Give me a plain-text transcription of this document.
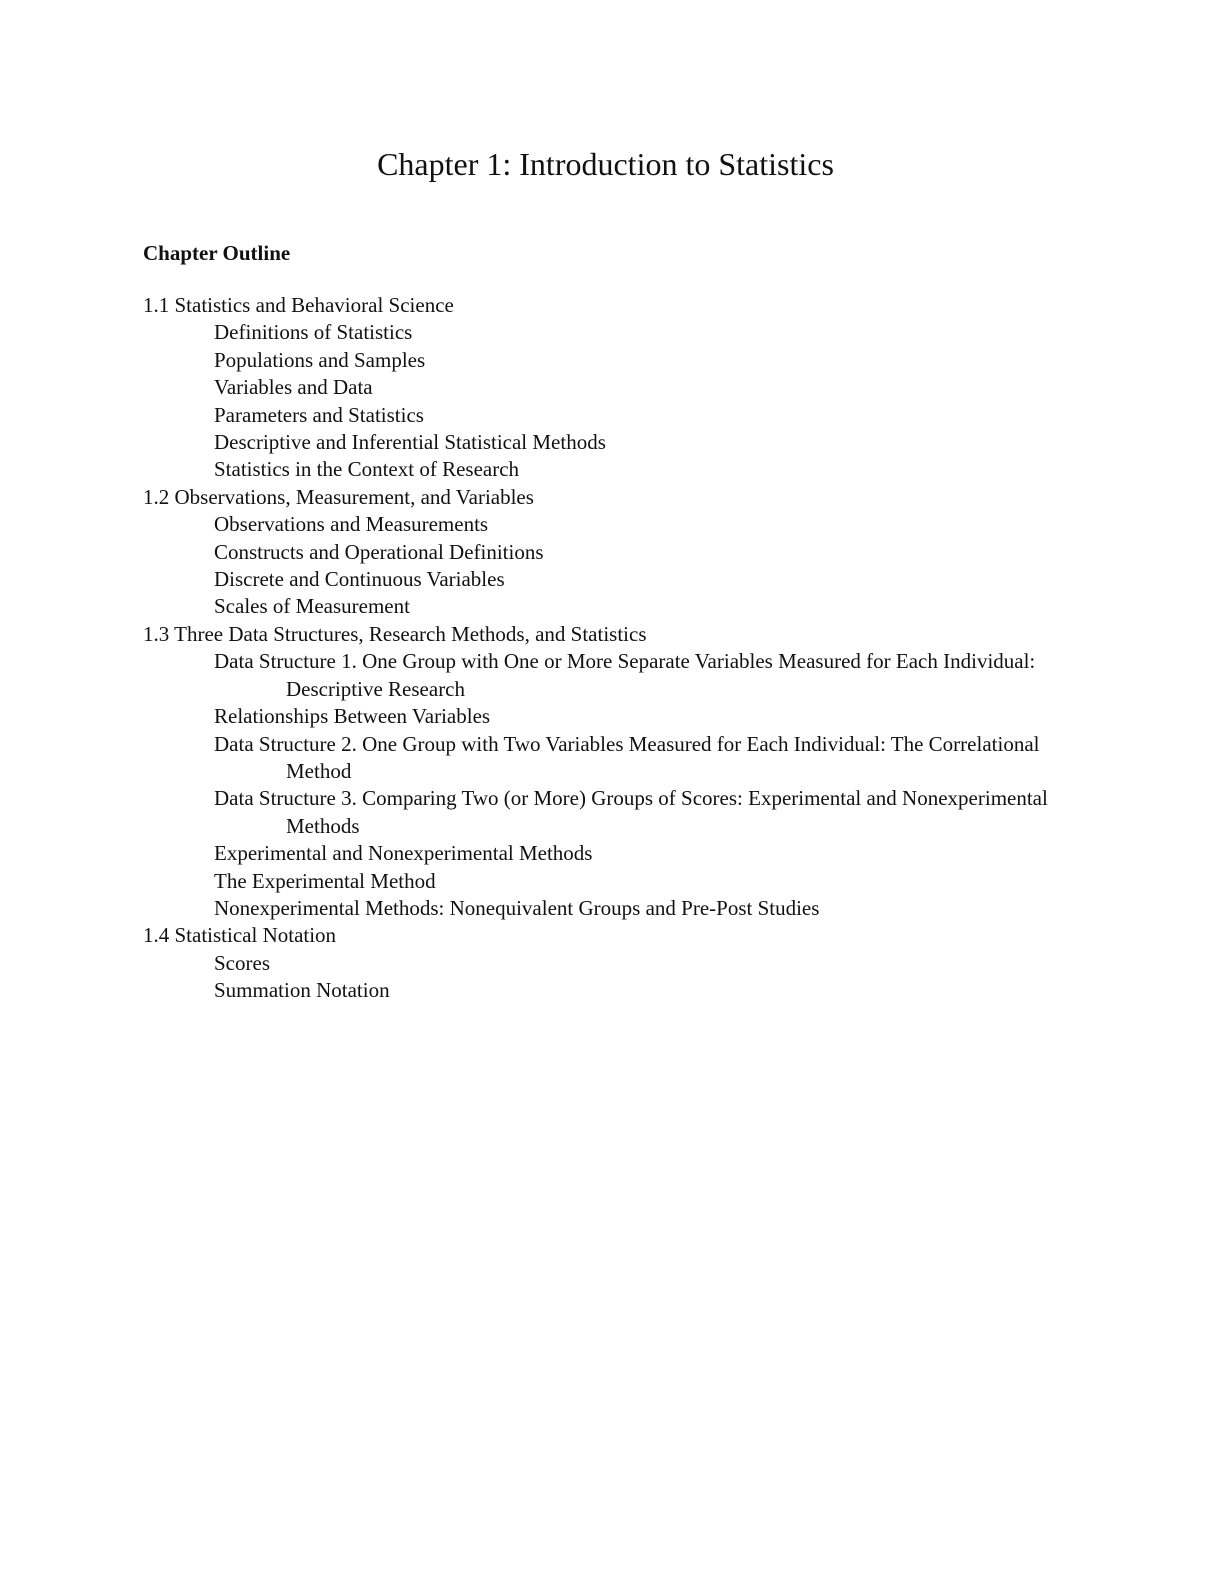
Chapter 1: Introduction to Statistics
Chapter Outline
1.1 Statistics and Behavioral Science
Definitions of Statistics
Populations and Samples
Variables and Data
Parameters and Statistics
Descriptive and Inferential Statistical Methods
Statistics in the Context of Research
1.2 Observations, Measurement, and Variables
Observations and Measurements
Constructs and Operational Definitions
Discrete and Continuous Variables
Scales of Measurement
1.3 Three Data Structures, Research Methods, and Statistics
Data Structure 1. One Group with One or More Separate Variables Measured for Each Individual: Descriptive Research
Relationships Between Variables
Data Structure 2. One Group with Two Variables Measured for Each Individual: The Correlational Method
Data Structure 3. Comparing Two (or More) Groups of Scores: Experimental and Nonexperimental Methods
Experimental and Nonexperimental Methods
The Experimental Method
Nonexperimental Methods: Nonequivalent Groups and Pre-Post Studies
1.4 Statistical Notation
Scores
Summation Notation
